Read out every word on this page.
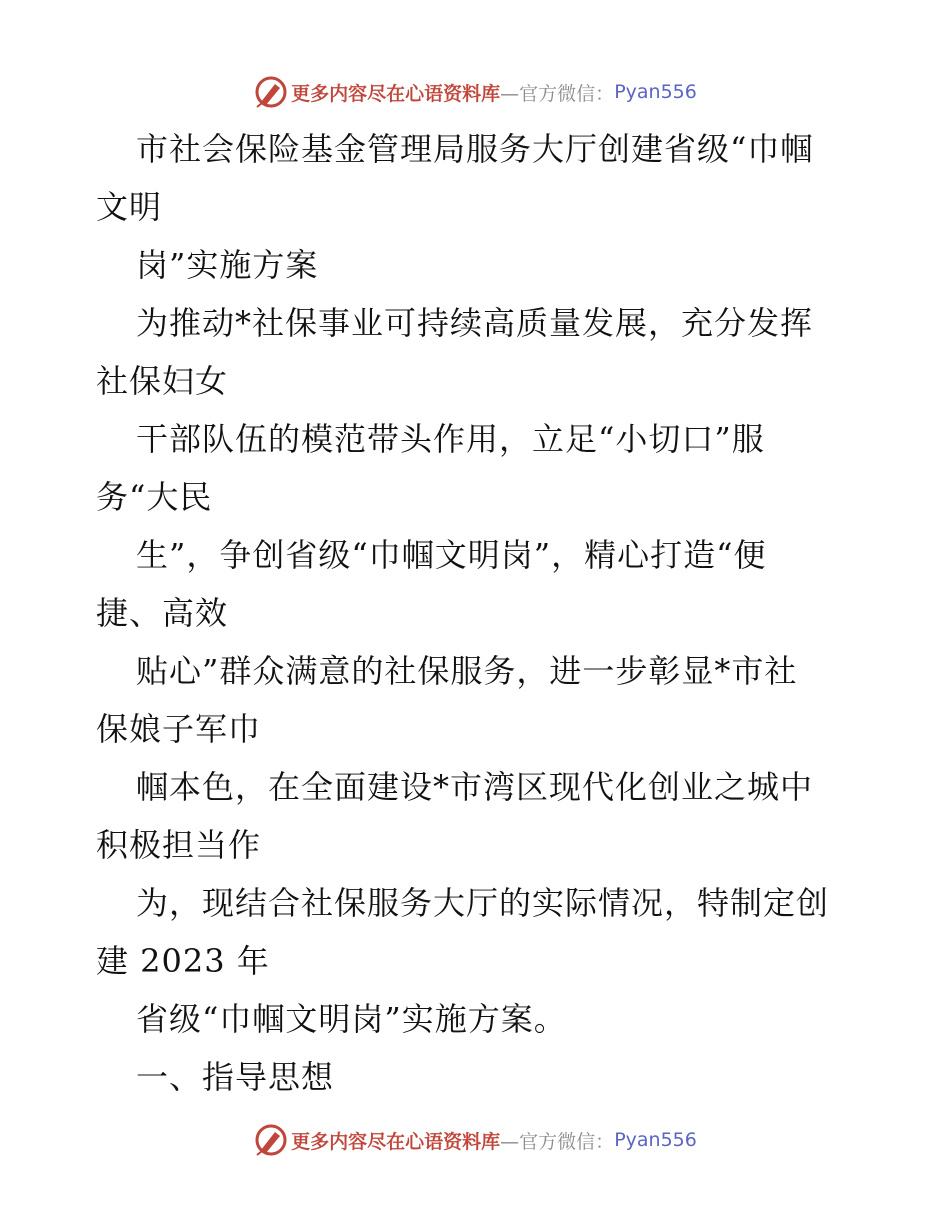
更多内容尽在心语资料库 —官方微信： Pyan556
市社会保险基金管理局服务大厅创建省级“巾帼
文明
岗”实施方案
为推动*社保事业可持续高质量发展，充分发挥
社保妇女
干部队伍的模范带头作用，立足“小切口”服
务“大民
生”，争创省级“巾帼文明岗”，精心打造“便
捷、高效
贴心”群众满意的社保服务，进一步彰显*市社
保娘子军巾
帼本色，在全面建设*市湾区现代化创业之城中
积极担当作
为，现结合社保服务大厅的实际情况，特制定创
建 2023 年
省级“巾帼文明岗”实施方案。
一、指导思想
更多内容尽在心语资料库 —官方微信： Pyan556
